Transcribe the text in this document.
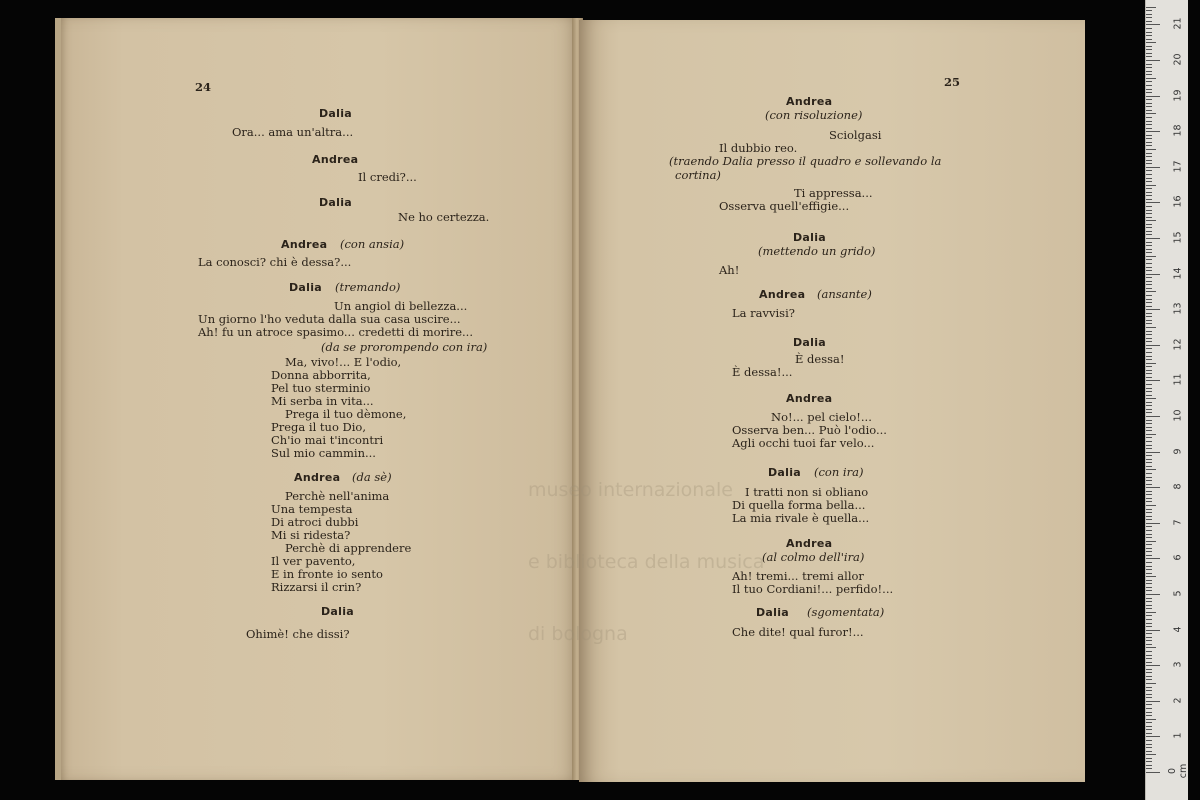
24
Dalia
Ora... ama un'altra...
Andrea
Il credi?...
Dalia
Ne ho certezza.
Andrea (con ansia)
La conosci? chi è dessa?...
Dalia (tremando)
Un angiol di bellezza...
Un giorno l'ho veduta dalla sua casa uscire...
Ah! fu un atroce spasimo... credetti di morire...
(da se prorompendo con ira)
Ma, vivo!... E l'odio,
Donna abborrita,
Pel tuo sterminio
Mi serba in vita...
Prega il tuo dèmone,
Prega il tuo Dio,
Ch'io mai t'incontri
Sul mio cammin...
Andrea (da sè)
Perchè nell'anima
Una tempesta
Di atroci dubbi
Mi si ridesta?
Perchè di apprendere
Il ver pavento,
E in fronte io sento
Rizzarsi il crin?
Dalia
Ohimè! che dissi?
25
Andrea
(con risoluzione)
Sciolgasi
Il dubbio reo.
(traendo Dalia presso il quadro e sollevando la
cortina)
Ti appressa...
Osserva quell'effigie...
Dalia
(mettendo un grido)
Ah!
Andrea (ansante)
La ravvisi?
Dalia
È dessa!
È dessa!...
Andrea
No!... pel cielo!...
Osserva ben... Può l'odio...
Agli occhi tuoi far velo...
Dalia (con ira)
I tratti non si obliano
Di quella forma bella...
La mia rivale è quella...
Andrea
(al colmo dell'ira)
Ah! tremi... tremi allor
Il tuo Cordiani!... perfido!...
Dalia (sgomentata)
Che dite! qual furor!...

museo internazionale

e biblioteca della musica

di bologna

0 cm
1
2
3
4
5
6
7
8
9
10
11
12
13
14
15
16
17
18
19
20
21
